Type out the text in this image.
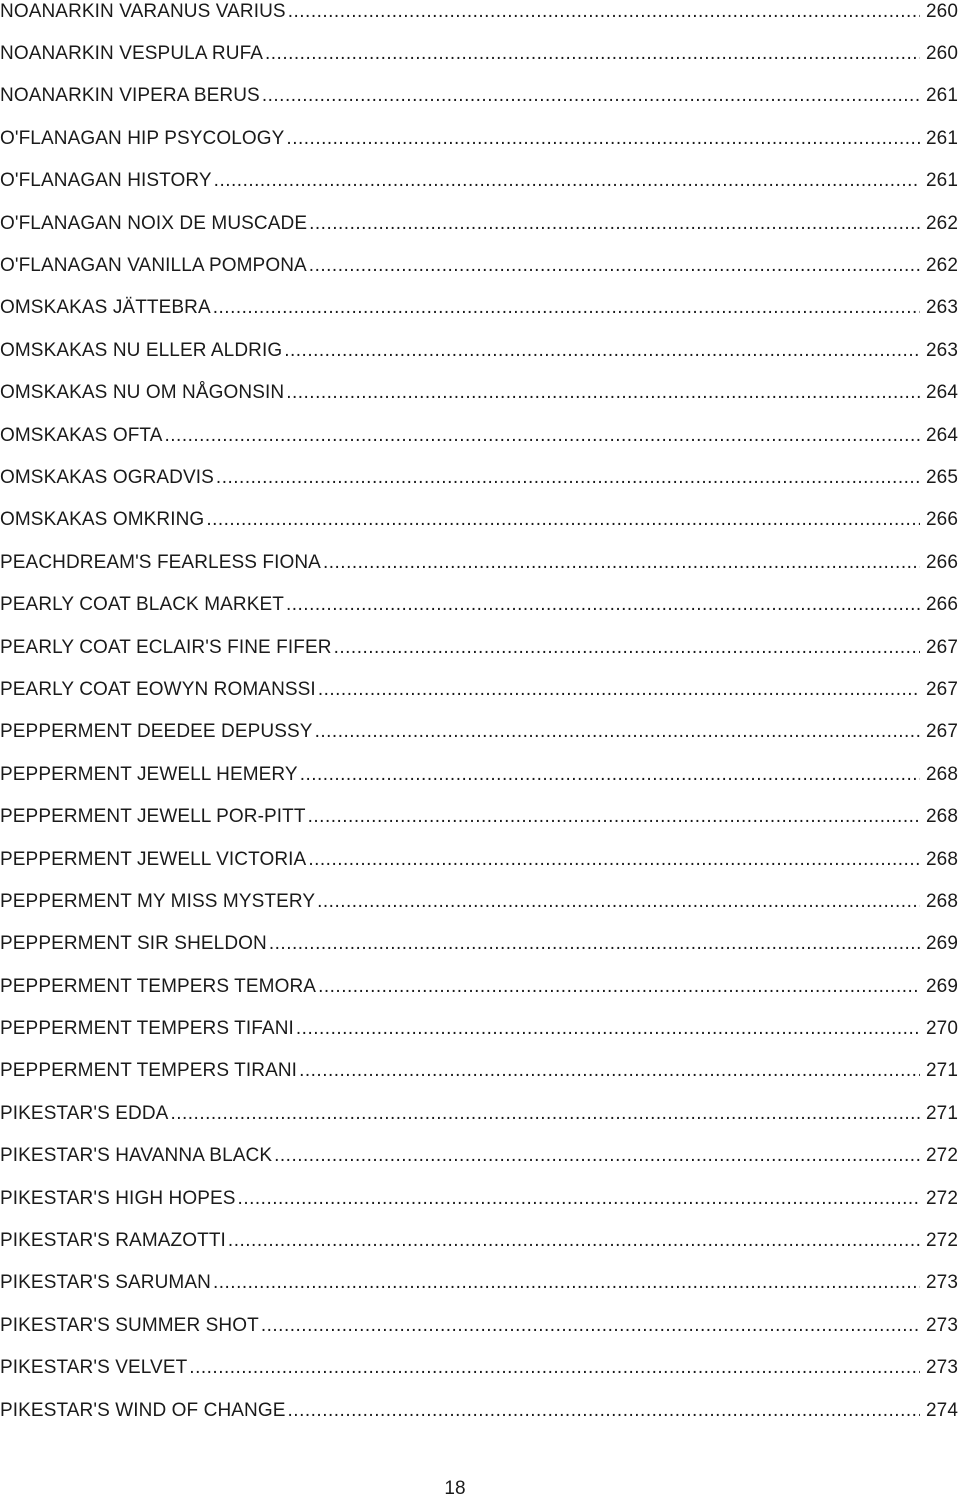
NOANARKIN VARANUS VARIUS .....	260
NOANARKIN VESPULA RUFA .....	260
NOANARKIN VIPERA BERUS .....	261
O'FLANAGAN HIP PSYCOLOGY .....	261
O'FLANAGAN HISTORY .....	261
O'FLANAGAN NOIX DE MUSCADE .....	262
O'FLANAGAN VANILLA POMPONA .....	262
OMSKAKAS JÄTTEBRA .....	263
OMSKAKAS NU ELLER ALDRIG .....	263
OMSKAKAS NU OM NÅGONSIN .....	264
OMSKAKAS OFTA .....	264
OMSKAKAS OGRADVIS .....	265
OMSKAKAS OMKRING .....	266
PEACHDREAM'S FEARLESS FIONA .....	266
PEARLY COAT BLACK MARKET .....	266
PEARLY COAT ECLAIR'S FINE FIFER .....	267
PEARLY COAT EOWYN ROMANSSI .....	267
PEPPERMENT DEEDEE DEPUSSY .....	267
PEPPERMENT JEWELL HEMERY .....	268
PEPPERMENT JEWELL POR-PITT .....	268
PEPPERMENT JEWELL VICTORIA .....	268
PEPPERMENT MY MISS MYSTERY .....	268
PEPPERMENT SIR SHELDON .....	269
PEPPERMENT TEMPERS TEMORA .....	269
PEPPERMENT TEMPERS TIFANI .....	270
PEPPERMENT TEMPERS TIRANI .....	271
PIKESTAR'S EDDA .....	271
PIKESTAR'S HAVANNA BLACK .....	272
PIKESTAR'S HIGH HOPES .....	272
PIKESTAR'S RAMAZOTTI .....	272
PIKESTAR'S SARUMAN .....	273
PIKESTAR'S SUMMER SHOT .....	273
PIKESTAR'S VELVET .....	273
PIKESTAR'S WIND OF CHANGE .....	274
18
